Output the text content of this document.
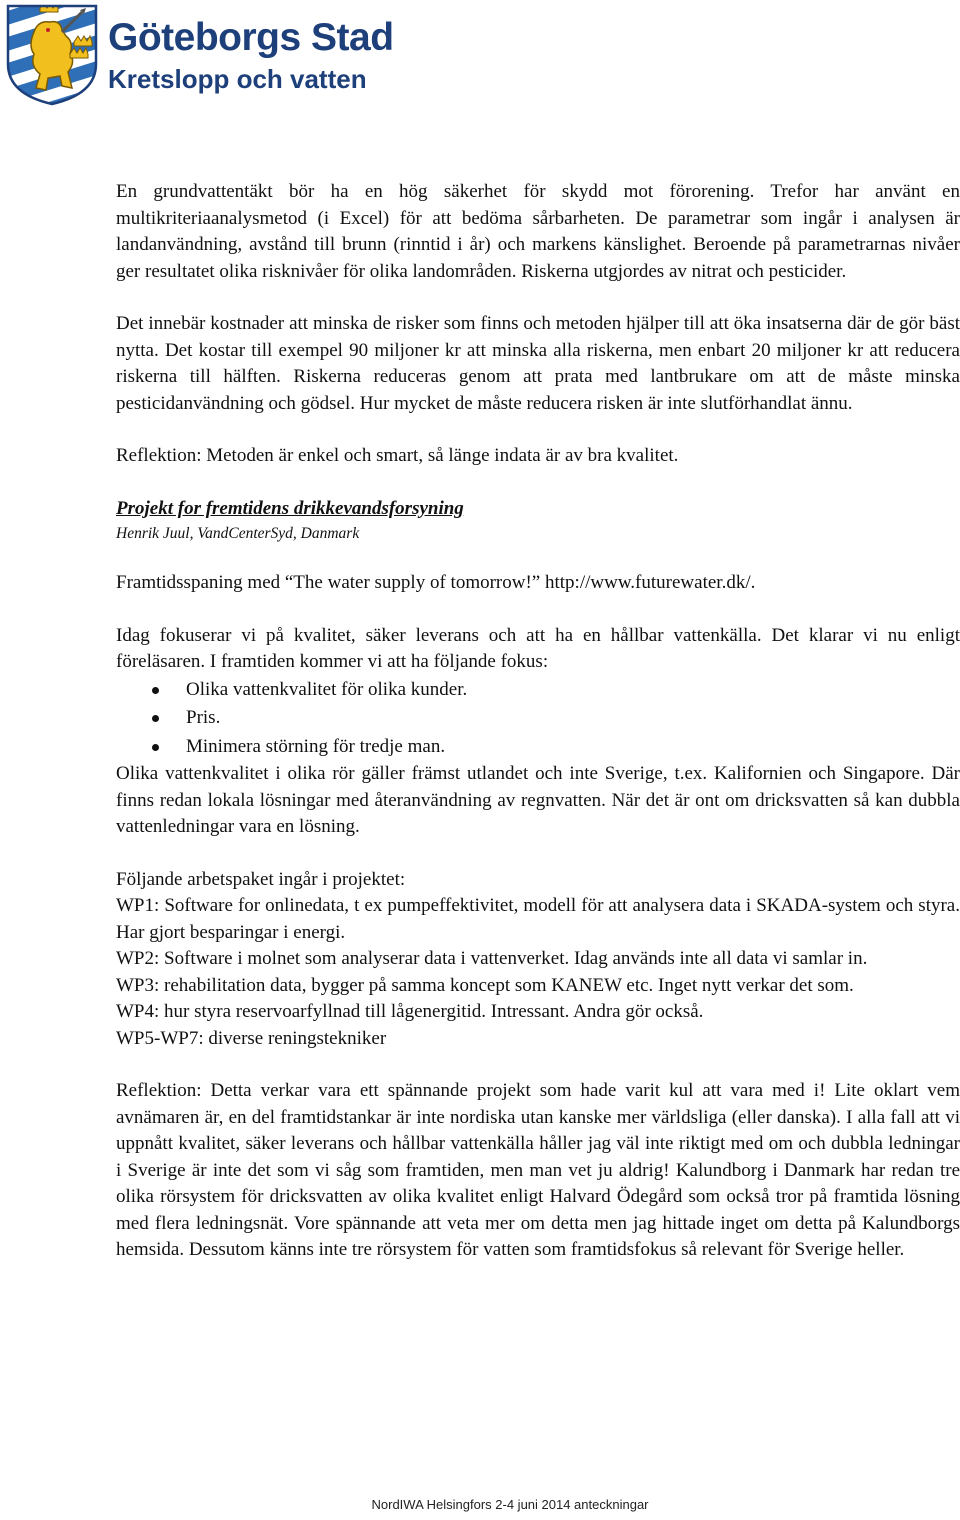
Göteborgs Stad
Kretslopp och vatten

En grundvattentäkt bör ha en hög säkerhet för skydd mot förorening. Trefor har använt en multikriteriaanalysmetod (i Excel) för att bedöma sårbarheten. De parametrar som ingår i analysen är landanvändning, avstånd till brunn (rinntid i år) och markens känslighet. Beroende på parametrarnas nivåer ger resultatet olika risknivåer för olika landområden. Riskerna utgjordes av nitrat och pesticider.

Det innebär kostnader att minska de risker som finns och metoden hjälper till att öka insatserna där de gör bäst nytta. Det kostar till exempel 90 miljoner kr att minska alla riskerna, men enbart 20 miljoner kr att reducera riskerna till hälften. Riskerna reduceras genom att prata med lantbrukare om att de måste minska pesticidanvändning och gödsel. Hur mycket de måste reducera risken är inte slutförhandlat ännu.

Reflektion: Metoden är enkel och smart, så länge indata är av bra kvalitet.

Projekt for fremtidens drikkevandsforsyning

Henrik Juul, VandCenterSyd, Danmark

Framtidsspaning med “The water supply of tomorrow!” http://www.futurewater.dk/.

Idag fokuserar vi på kvalitet, säker leverans och att ha en hållbar vattenkälla. Det klarar vi nu enligt föreläsaren. I framtiden kommer vi att ha följande fokus:

Olika vattenkvalitet för olika kunder.
Pris.
Minimera störning för tredje man.

Olika vattenkvalitet i olika rör gäller främst utlandet och inte Sverige, t.ex. Kalifornien och Singapore. Där finns redan lokala lösningar med återanvändning av regnvatten. När det är ont om dricksvatten så kan dubbla vattenledningar vara en lösning.

Följande arbetspaket ingår i projektet:

WP1: Software for onlinedata, t ex pumpeffektivitet, modell för att analysera data i SKADA-system och styra. Har gjort besparingar i energi.

WP2: Software i molnet som analyserar data i vattenverket. Idag används inte all data vi samlar in.

WP3: rehabilitation data, bygger på samma koncept som KANEW etc. Inget nytt verkar det som.

WP4: hur styra reservoarfyllnad till lågenergitid. Intressant. Andra gör också.

WP5-WP7: diverse reningstekniker

Reflektion: Detta verkar vara ett spännande projekt som hade varit kul att vara med i! Lite oklart vem avnämaren är, en del framtidstankar är inte nordiska utan kanske mer världsliga (eller danska). I alla fall att vi uppnått kvalitet, säker leverans och hållbar vattenkälla håller jag väl inte riktigt med om och dubbla ledningar i Sverige är inte det som vi såg som framtiden, men man vet ju aldrig! Kalundborg i Danmark har redan tre olika rörsystem för dricksvatten av olika kvalitet enligt Halvard Ödegård som också tror på framtida lösning med flera ledningsnät. Vore spännande att veta mer om detta men jag hittade inget om detta på Kalundborgs hemsida. Dessutom känns inte tre rörsystem för vatten som framtidsfokus så relevant för Sverige heller.

NordIWA Helsingfors 2-4 juni 2014 anteckningar
